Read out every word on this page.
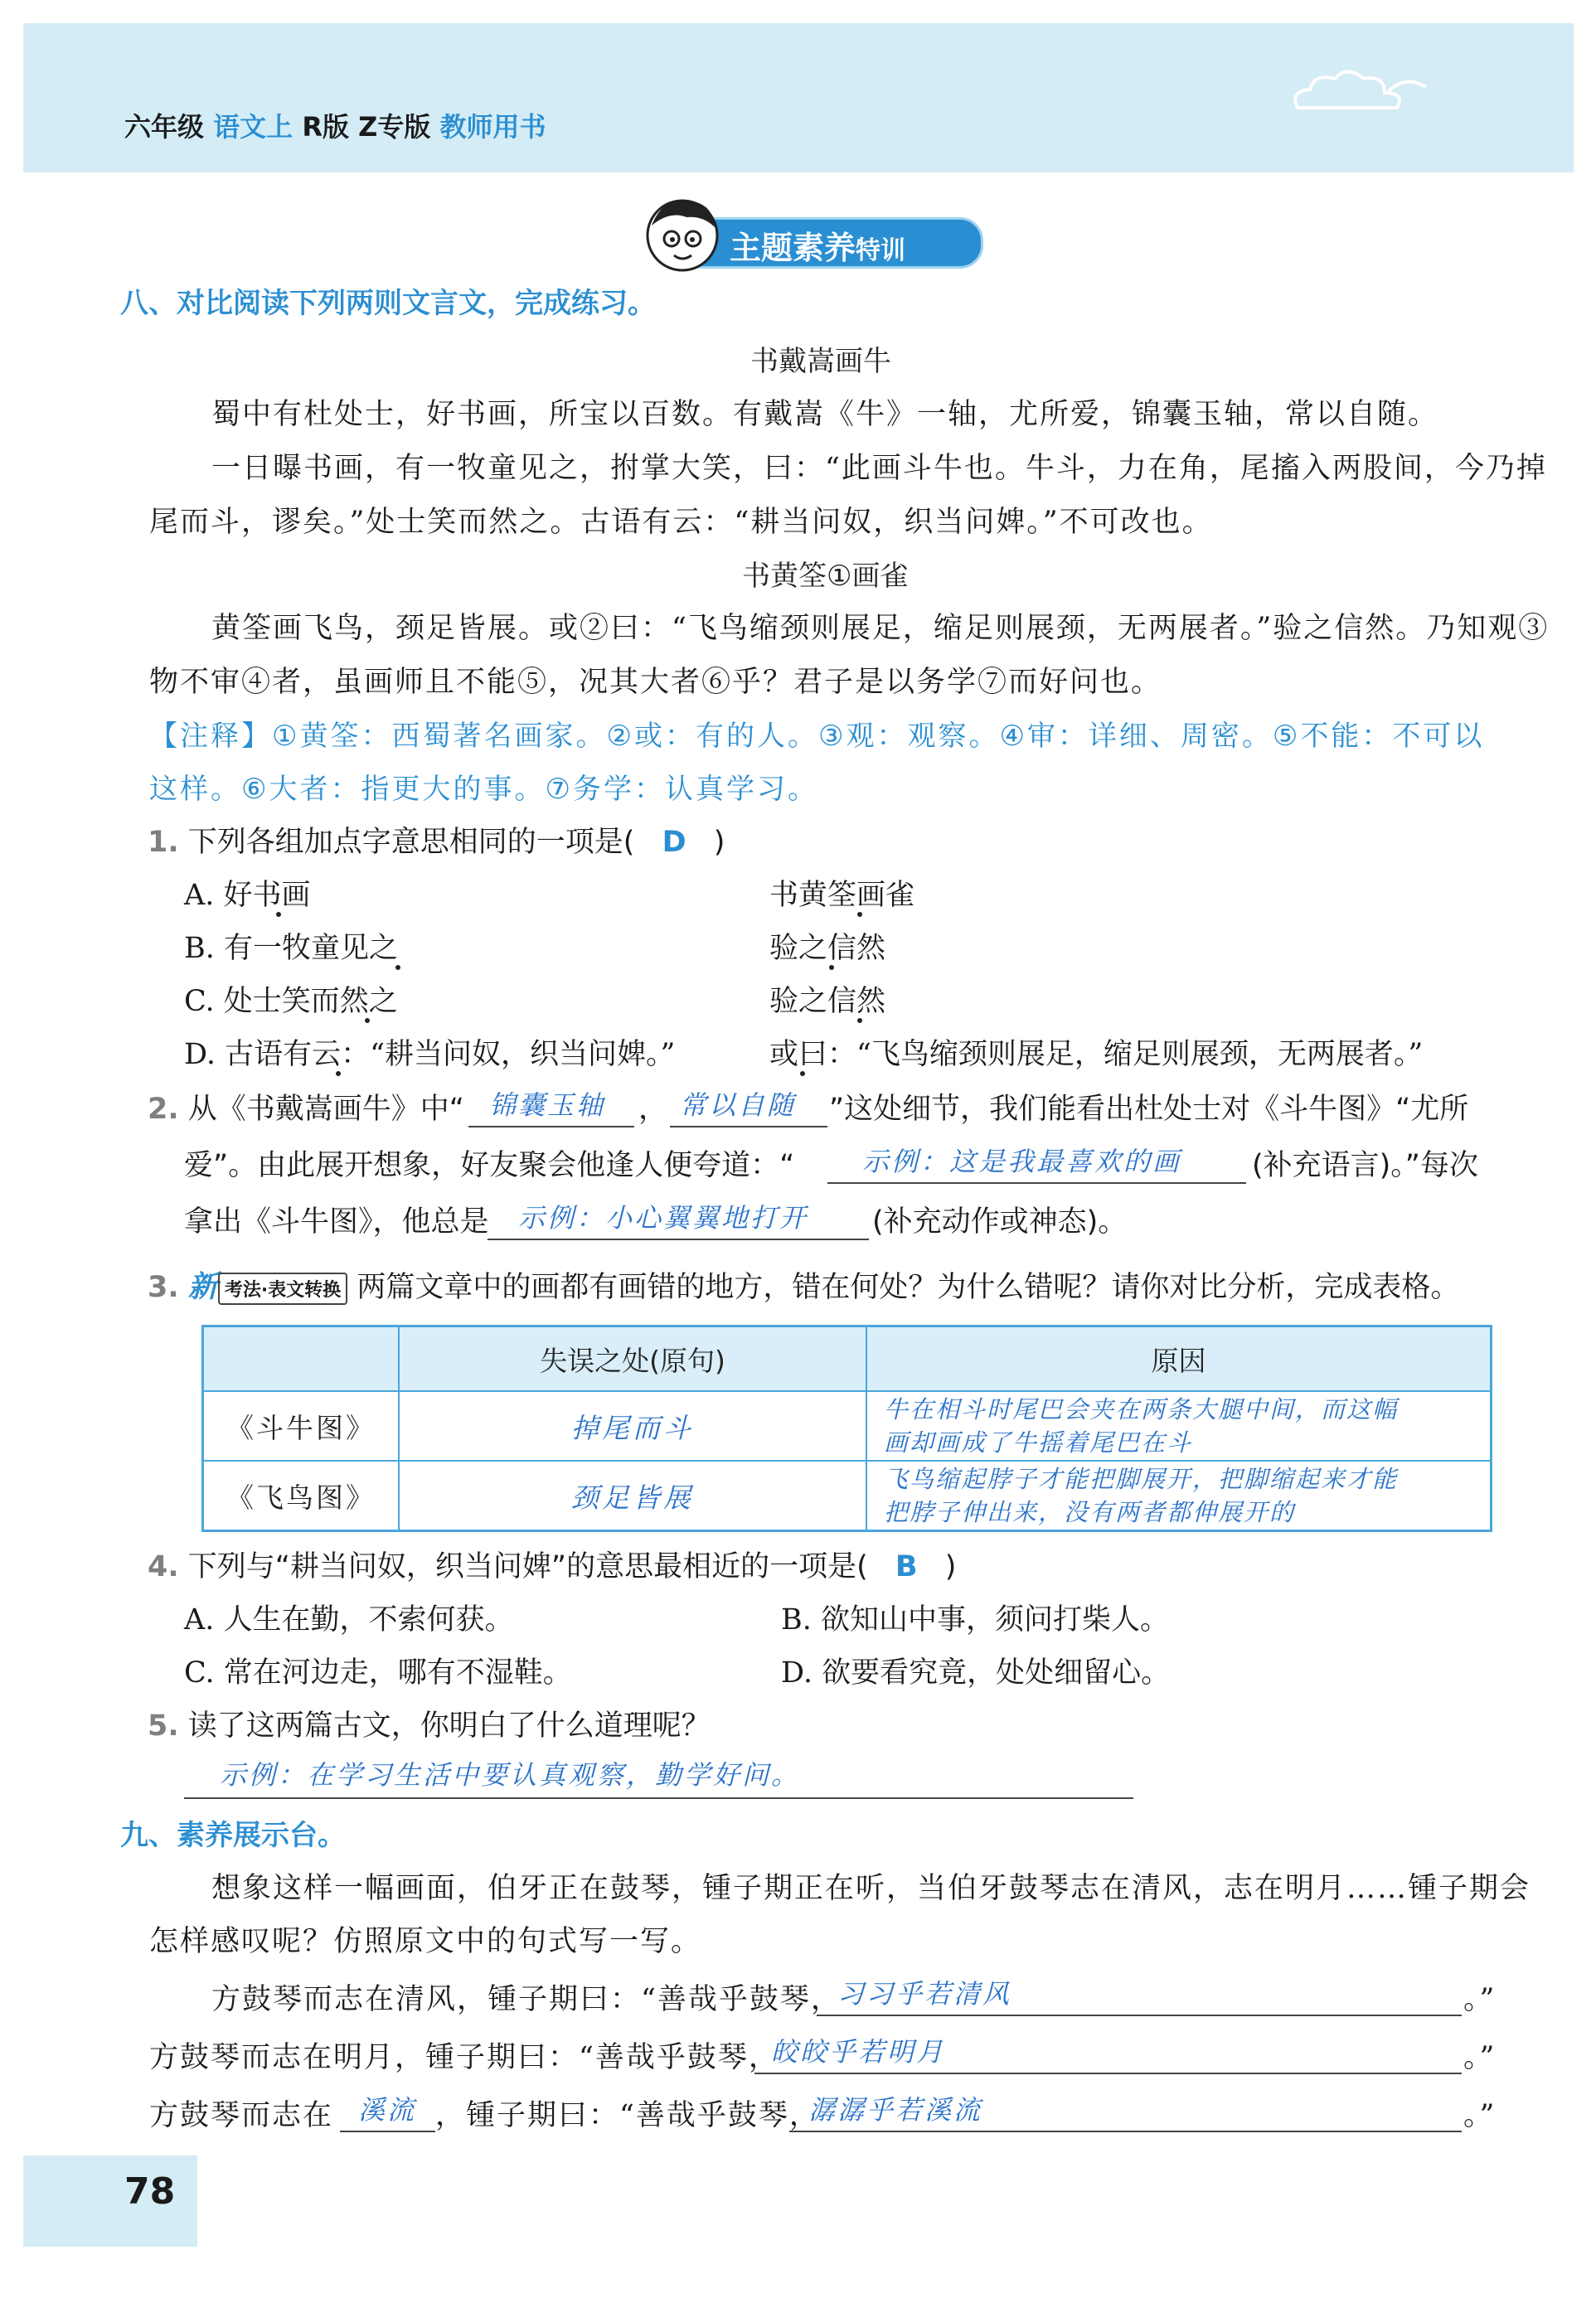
六年级 语文上 R版 Z专版 教师用书
主题素养特训
八、对比阅读下列两则文言文，完成练习。
书戴嵩画牛
蜀中有杜处士，好书画，所宝以百数。有戴嵩《牛》一轴，尤所爱，锦囊玉轴，常以自随。
一日曝书画，有一牧童见之，拊掌大笑，曰：“此画斗牛也。牛斗，力在角，尾搐入两股间，今乃掉
尾而斗，谬矣。”处士笑而然之。古语有云：“耕当问奴，织当问婢。”不可改也。
书黄筌①画雀
黄筌画飞鸟，颈足皆展。或②曰：“飞鸟缩颈则展足，缩足则展颈，无两展者。”验之信然。乃知观③
物不审④者，虽画师且不能⑤，况其大者⑥乎？君子是以务学⑦而好问也。
【注释】①黄筌：西蜀著名画家。②或：有的人。③观：观察。④审：详细、周密。⑤不能：不可以
这样。⑥大者：指更大的事。⑦务学：认真学习。
1. 下列各组加点字意思相同的一项是( D )
A. 好书画	书黄筌画雀
B. 有一牧童见之	验之信然
C. 处士笑而然之	验之信然
D. 古语有云：“耕当问奴，织当问婢。”	或曰：“飞鸟缩颈则展足，缩足则展颈，无两展者。”
2. 从《书戴嵩画牛》中“ 锦囊玉轴 ， 常以自随 ”这处细节，我们能看出杜处士对《斗牛图》“尤所
爱”。由此展开想象，好友聚会他逢人便夸道：“	示例：这是我最喜欢的画 (补充语言)。”每次
拿出《斗牛图》，他总是 示例：小心翼翼地打开 (补充动作或神态)。
3. 新 考法·表文转换 两篇文章中的画都有画错的地方，错在何处？为什么错呢？请你对比分析，完成表格。
	失误之处(原句)	原因
《斗牛图》	掉尾而斗	牛在相斗时尾巴会夹在两条大腿中间，而这幅
画却画成了牛摇着尾巴在斗

《飞鸟图》	颈足皆展	飞鸟缩起脖子才能把脚展开，把脚缩起来才能
把脖子伸出来，没有两者都伸展开的
4. 下列与“耕当问奴，织当问婢”的意思最相近的一项是( B )
A. 人生在勤，不索何获。	B. 欲知山中事，须问打柴人。
C. 常在河边走，哪有不湿鞋。	D. 欲要看究竟，处处细留心。
5. 读了这两篇古文，你明白了什么道理呢？
示例：在学习生活中要认真观察，勤学好问。
九、素养展示台。
想象这样一幅画面，伯牙正在鼓琴，锺子期正在听，当伯牙鼓琴志在清风，志在明月……锺子期会
怎样感叹呢？仿照原文中的句式写一写。
方鼓琴而志在清风，锺子期曰：“善哉乎鼓琴，
习习乎若清风	。”
方鼓琴而志在明月，锺子期曰：“善哉乎鼓琴，
皎皎乎若明月	。”
方鼓琴而志在 溪流 ，锺子期曰：“善哉乎鼓琴，
潺潺乎若溪流	。”
78
